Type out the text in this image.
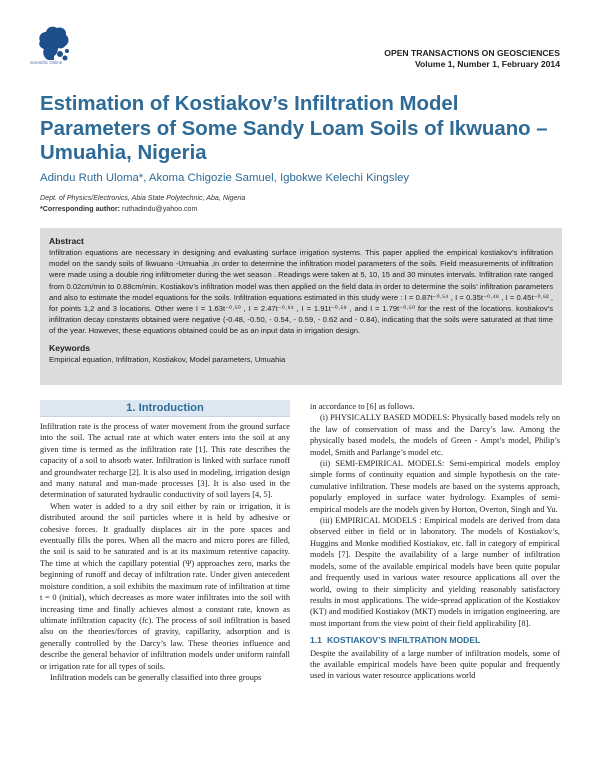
Scientific Online
OPEN TRANSACTIONS ON GEOSCIENCES
Volume 1, Number 1, February 2014
Estimation of Kostiakov’s Infiltration Model Parameters of Some Sandy Loam Soils of Ikwuano – Umuahia, Nigeria
Adindu Ruth Uloma*, Akoma Chigozie Samuel, Igbokwe Kelechi Kingsley
Dept. of Physics/Electronics, Abia State Polytechnic, Aba, Nigeria
*Corresponding author: ruthadindu@yahoo.com
Abstract
Infiltration equations are necessary in designing and evaluating surface irrigation systems. This paper applied the empirical kostiakov’s infiltration model on the sandy soils of Ikwuano -Umuahia ,in order to determine the infiltration model parameters of the soils. Field measurements of infiltration were made using a double ring infiltrometer during the wet season . Readings were taken at 5, 10, 15 and 30 minutes intervals. Infiltration rate ranged from 0.02cm/min to 0.88cm/min. Kostiakov’s infiltration model was then applied on the field data in order to determine the soils’ infiltration parameters and also to estimate the model equations for the soils. Infiltration equations estimated in this study were : I = 0.87t⁻⁰·⁵⁴ , I = 0.35t⁻⁰·⁴⁸ , I = 0.45t⁻⁰·⁶² , for points 1,2 and 3 locations. Other were I = 1.63t⁻⁰·⁵⁰ , I = 2.47t⁻⁰·⁸⁴ , I = 1.91t⁻⁰·⁵⁹ , and I = 1.79t⁻⁰·⁵⁰ for the rest of the locations. kostiakov’s infiltration decay constants obtained were negative (-0.48, -0.50, - 0.54, - 0.59, - 0.62 and - 0.84), indicating that the soils were saturated at that time of the year. However, these equations obtained could be as an input data in irrigation design.
Keywords
Empirical equation, Infiltration, Kostiakov, Model parameters, Umuahia
1. Introduction

Infiltration rate is the process of water movement from the ground surface into the soil. The actual rate at which water enters into the soil at any given time is termed as the infiltration rate [1]. This rate describes the capacity of a soil to absorb water. Infiltration is linked with surface runoff and groundwater recharge [2]. It is also used in modeling, irrigation design and many natural and man-made processes [3]. It is also used in the determination of saturated hydraulic conductivity of soil layers [4, 5].

When water is added to a dry soil either by rain or irrigation, it is distributed around the soil particles where it is held by adhesive or cohesive forces. It gradually displaces air in the pore spaces and eventually fills the pores. When all the macro and micro pores are filled, the soil is said to be saturated and is at its maximum retentive capacity. The time at which the capillary potential (Ψ) approaches zero, marks the beginning of runoff and decay of infiltration rate. Under given antecedent moisture condition, a soil exhibits the maximum rate of infiltration at time t = 0 (initial), which decreases as more water infiltrates into the soil with increasing time and finally achieves almost a constant rate, known as ultimate infiltration capacity (fc). The process of soil infiltration is based also on the theories/forces of gravity, capillarity, adsorption and is generally controlled by the Darcy’s law. These theories influence and describe the general behavior of infiltration models under uniform rainfall or irrigation rate for all types of soils.

Infiltration models can be generally classified into three groups

in accordance to [6] as follows.

(i) PHYSICALLY BASED MODELS: Physically based models rely on the law of conservation of mass and the Darcy’s law. Among the physically based models, the models of Green - Ampt’s model, Philip’s model, Smith and Parlange’s model etc.

(ii) SEMI-EMPIRICAL MODELS: Semi-empirical models employ simple forms of continuity equation and simple hypothesis on the rate-cumulative infiltration. These models are based on the systems approach, popularly employed in surface water hydrology. Examples of semi-empirical models are the models given by Horton, Overton, Singh and Yu.

(iii) EMPIRICAL MODELS : Empirical models are derived from data observed either in field or in laboratory. The models of Kostiakov’s, Huggins and Monke modified Kostiakov, etc. fall in category of empirical models [7]. Despite the availability of a large number of infiltration models, some of the available empirical models have been quite popular and frequently used in various water resource applications all over the world, owing to their simplicity and yielding reasonably satisfactory results in most applications. The wide-spread application of the Kostiakov (KT) and modified Kostiakov (MKT) models in irrigation engineering. are most important from the view point of their field applicability [8].

1.1 KOSTIAKOV’S INFILTRATION MODEL

Despite the availability of a large number of infiltration models, some of the available empirical models have been quite popular and frequently used in various water resource applications world
